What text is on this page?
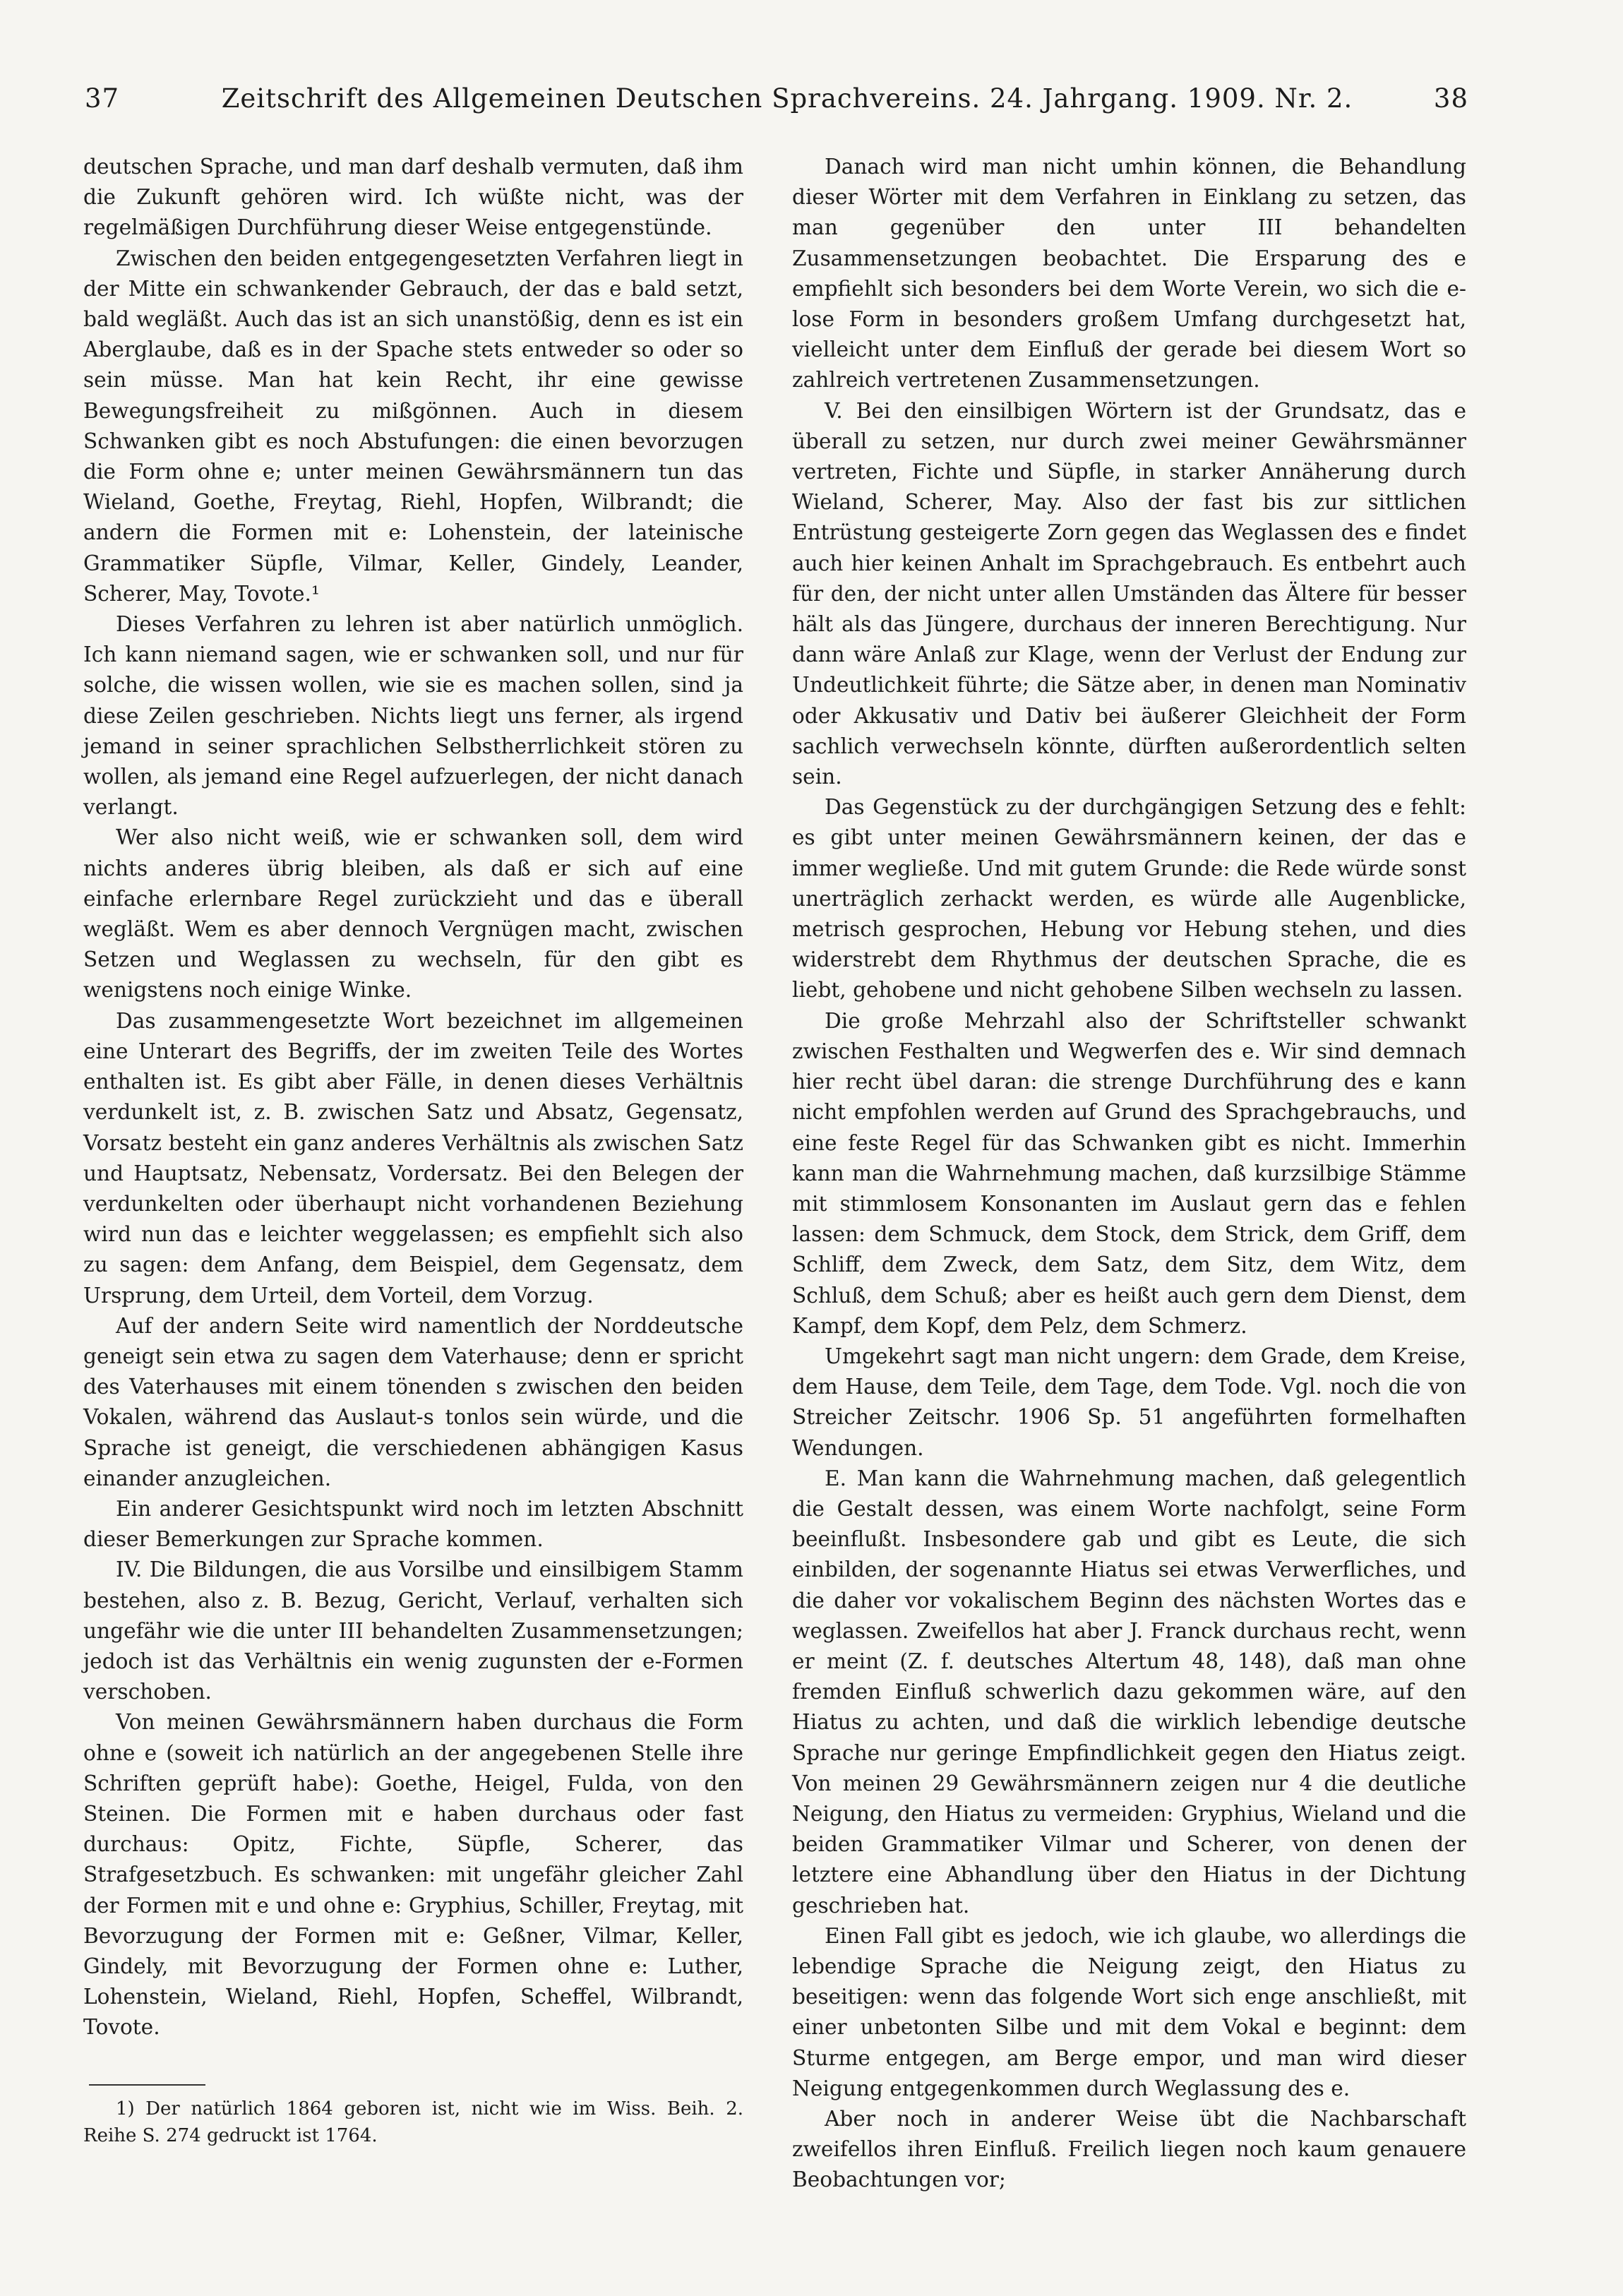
37	Zeitschrift des Allgemeinen Deutschen Sprachvereins. 24. Jahrgang. 1909. Nr. 2.	38

deutschen Sprache, und man darf deshalb vermuten, daß ihm die Zukunft gehören wird. Ich wüßte nicht, was der regelmäßigen Durchführung dieser Weise entgegenstünde.

Zwischen den beiden entgegengesetzten Verfahren liegt in der Mitte ein schwankender Gebrauch, der das e bald setzt, bald wegläßt. Auch das ist an sich unanstößig, denn es ist ein Aberglaube, daß es in der Spache stets entweder so oder so sein müsse. Man hat kein Recht, ihr eine gewisse Bewegungsfreiheit zu mißgönnen. Auch in diesem Schwanken gibt es noch Abstufungen: die einen bevorzugen die Form ohne e; unter meinen Gewährsmännern tun das Wieland, Goethe, Freytag, Riehl, Hopfen, Wilbrandt; die andern die Formen mit e: Lohenstein, der lateinische Grammatiker Süpfle, Vilmar, Keller, Gindely, Leander, Scherer, May, Tovote.¹

Dieses Verfahren zu lehren ist aber natürlich unmöglich. Ich kann niemand sagen, wie er schwanken soll, und nur für solche, die wissen wollen, wie sie es machen sollen, sind ja diese Zeilen geschrieben. Nichts liegt uns ferner, als irgend jemand in seiner sprachlichen Selbstherrlichkeit stören zu wollen, als jemand eine Regel aufzuerlegen, der nicht danach verlangt.

Wer also nicht weiß, wie er schwanken soll, dem wird nichts anderes übrig bleiben, als daß er sich auf eine einfache erlernbare Regel zurückzieht und das e überall wegläßt. Wem es aber dennoch Vergnügen macht, zwischen Setzen und Weglassen zu wechseln, für den gibt es wenigstens noch einige Winke.

Das zusammengesetzte Wort bezeichnet im allgemeinen eine Unterart des Begriffs, der im zweiten Teile des Wortes enthalten ist. Es gibt aber Fälle, in denen dieses Verhältnis verdunkelt ist, z. B. zwischen Satz und Absatz, Gegensatz, Vorsatz besteht ein ganz anderes Verhältnis als zwischen Satz und Hauptsatz, Nebensatz, Vordersatz. Bei den Belegen der verdunkelten oder überhaupt nicht vorhandenen Beziehung wird nun das e leichter weggelassen; es empfiehlt sich also zu sagen: dem Anfang, dem Beispiel, dem Gegensatz, dem Ursprung, dem Urteil, dem Vorteil, dem Vorzug.

Auf der andern Seite wird namentlich der Norddeutsche geneigt sein etwa zu sagen dem Vaterhause; denn er spricht des Vaterhauses mit einem tönenden s zwischen den beiden Vokalen, während das Auslaut-s tonlos sein würde, und die Sprache ist geneigt, die verschiedenen abhängigen Kasus einander anzugleichen.

Ein anderer Gesichtspunkt wird noch im letzten Abschnitt dieser Bemerkungen zur Sprache kommen.

IV. Die Bildungen, die aus Vorsilbe und einsilbigem Stamm bestehen, also z. B. Bezug, Gericht, Verlauf, verhalten sich ungefähr wie die unter III behandelten Zusammensetzungen; jedoch ist das Verhältnis ein wenig zugunsten der e-Formen verschoben.

Von meinen Gewährsmännern haben durchaus die Form ohne e (soweit ich natürlich an der angegebenen Stelle ihre Schriften geprüft habe): Goethe, Heigel, Fulda, von den Steinen. Die Formen mit e haben durchaus oder fast durchaus: Opitz, Fichte, Süpfle, Scherer, das Strafgesetzbuch. Es schwanken: mit ungefähr gleicher Zahl der Formen mit e und ohne e: Gryphius, Schiller, Freytag, mit Bevorzugung der Formen mit e: Geßner, Vilmar, Keller, Gindely, mit Bevorzugung der Formen ohne e: Luther, Lohenstein, Wieland, Riehl, Hopfen, Scheffel, Wilbrandt, Tovote.

1) Der natürlich 1864 geboren ist, nicht wie im Wiss. Beih. 2. Reihe S. 274 gedruckt ist 1764.

Danach wird man nicht umhin können, die Behandlung dieser Wörter mit dem Verfahren in Einklang zu setzen, das man gegenüber den unter III behandelten Zusammensetzungen beobachtet. Die Ersparung des e empfiehlt sich besonders bei dem Worte Verein, wo sich die e-lose Form in besonders großem Umfang durchgesetzt hat, vielleicht unter dem Einfluß der gerade bei diesem Wort so zahlreich vertretenen Zusammensetzungen.

V. Bei den einsilbigen Wörtern ist der Grundsatz, das e überall zu setzen, nur durch zwei meiner Gewährsmänner vertreten, Fichte und Süpfle, in starker Annäherung durch Wieland, Scherer, May. Also der fast bis zur sittlichen Entrüstung gesteigerte Zorn gegen das Weglassen des e findet auch hier keinen Anhalt im Sprachgebrauch. Es entbehrt auch für den, der nicht unter allen Umständen das Ältere für besser hält als das Jüngere, durchaus der inneren Berechtigung. Nur dann wäre Anlaß zur Klage, wenn der Verlust der Endung zur Undeutlichkeit führte; die Sätze aber, in denen man Nominativ oder Akkusativ und Dativ bei äußerer Gleichheit der Form sachlich verwechseln könnte, dürften außerordentlich selten sein.

Das Gegenstück zu der durchgängigen Setzung des e fehlt: es gibt unter meinen Gewährsmännern keinen, der das e immer wegließe. Und mit gutem Grunde: die Rede würde sonst unerträglich zerhackt werden, es würde alle Augenblicke, metrisch gesprochen, Hebung vor Hebung stehen, und dies widerstrebt dem Rhythmus der deutschen Sprache, die es liebt, gehobene und nicht gehobene Silben wechseln zu lassen.

Die große Mehrzahl also der Schriftsteller schwankt zwischen Festhalten und Wegwerfen des e. Wir sind demnach hier recht übel daran: die strenge Durchführung des e kann nicht empfohlen werden auf Grund des Sprachgebrauchs, und eine feste Regel für das Schwanken gibt es nicht. Immerhin kann man die Wahrnehmung machen, daß kurzsilbige Stämme mit stimmlosem Konsonanten im Auslaut gern das e fehlen lassen: dem Schmuck, dem Stock, dem Strick, dem Griff, dem Schliff, dem Zweck, dem Satz, dem Sitz, dem Witz, dem Schluß, dem Schuß; aber es heißt auch gern dem Dienst, dem Kampf, dem Kopf, dem Pelz, dem Schmerz.

Umgekehrt sagt man nicht ungern: dem Grade, dem Kreise, dem Hause, dem Teile, dem Tage, dem Tode. Vgl. noch die von Streicher Zeitschr. 1906 Sp. 51 angeführten formelhaften Wendungen.

E. Man kann die Wahrnehmung machen, daß gelegentlich die Gestalt dessen, was einem Worte nachfolgt, seine Form beeinflußt. Insbesondere gab und gibt es Leute, die sich einbilden, der sogenannte Hiatus sei etwas Verwerfliches, und die daher vor vokalischem Beginn des nächsten Wortes das e weglassen. Zweifellos hat aber J. Franck durchaus recht, wenn er meint (Z. f. deutsches Altertum 48, 148), daß man ohne fremden Einfluß schwerlich dazu gekommen wäre, auf den Hiatus zu achten, und daß die wirklich lebendige deutsche Sprache nur geringe Empfindlichkeit gegen den Hiatus zeigt. Von meinen 29 Gewährsmännern zeigen nur 4 die deutliche Neigung, den Hiatus zu vermeiden: Gryphius, Wieland und die beiden Grammatiker Vilmar und Scherer, von denen der letztere eine Abhandlung über den Hiatus in der Dichtung geschrieben hat.

Einen Fall gibt es jedoch, wie ich glaube, wo allerdings die lebendige Sprache die Neigung zeigt, den Hiatus zu beseitigen: wenn das folgende Wort sich enge anschließt, mit einer unbetonten Silbe und mit dem Vokal e beginnt: dem Sturme entgegen, am Berge empor, und man wird dieser Neigung entgegenkommen durch Weglassung des e.

Aber noch in anderer Weise übt die Nachbarschaft zweifellos ihren Einfluß. Freilich liegen noch kaum genauere Beobachtungen vor;
